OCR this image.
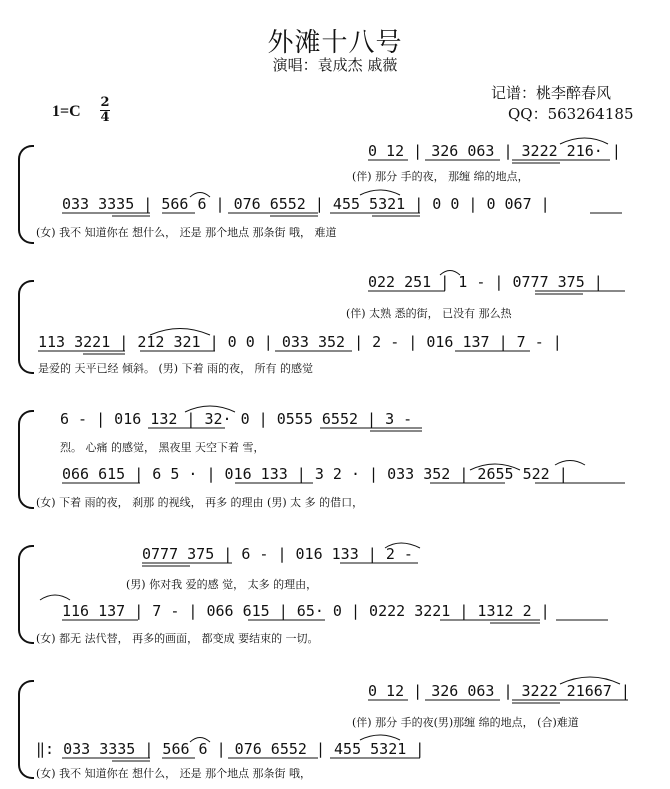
外滩十八号
演唱：袁成杰 戚薇
记谱：桃李醉春风
QQ：563264185
1=C
2
4
0 12 | 326 063 | 3222 216· |
(伴) 那分 手的夜， 那缠 绵的地点，
033 3335 | 566 6 | 076 6552 | 455 5321 | 0 0 | 0 067 |
(女) 我不 知道你在 想什么， 还是 那个地点 那条街 哦， 难道
022 251 | 1 - | 0777 375 |
(伴) 太熟 悉的街， 已没有 那么热
113 3221 | 212 321 | 0 0 | 033 352 | 2 - | 016 137 | 7 - |
是爱的 天平已经 倾斜。 (男) 下着 雨的夜， 所有 的感觉
6 - | 016 132 | 32· 0 | 0555 6552 | 3 -
烈。 心痛 的感觉， 黑夜里 天空下着 雪，
066 615 | 6 5 · | 016 133 | 3 2 · | 033 352 | 2655 522 |
(女) 下着 雨的夜， 刹那 的视线， 再多 的理由 (男) 太 多 的借口，
0777 375 | 6 - | 016 133 | 2 -
(男) 你对我 爱的感 觉， 太多 的理由，
116 137 | 7 - | 066 615 | 65· 0 | 0222 3221 | 1312 2 |
(女) 都无 法代替， 再多的画面， 都变成 要结束的 一切。
0 12 | 326 063 | 3222 21667 |
(伴) 那分 手的夜(男)那缠 绵的地点， (合)难道
‖: 033 3335 | 566 6 | 076 6552 | 455 5321 |
(女) 我不 知道你在 想什么， 还是 那个地点 那条街 哦，
